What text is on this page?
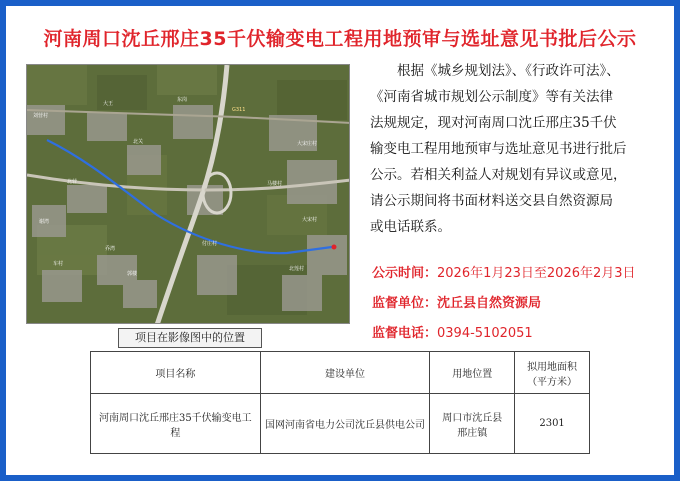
河南周口沈丘邢庄35千伏输变电工程用地预审与选址意见书批后公示
刘营村
大王
东岗
北关
G311
大宋庄村
马楼村
北营
大宋村
谢湾
车村
乔湾
付庄村
北莲村
郭楼
项目在影像图中的位置

根据《城乡规划法》、《行政许可法》、

《河南省城市规划公示制度》等有关法律

法规规定，现对河南周口沈丘邢庄35千伏

输变电工程用地预审与选址意见书进行批后

公示。若相关利益人对规划有异议或意见，

请公示期间将书面材料送交县自然资源局

或电话联系。

公示时间：2026年1月23日至2026年2月3日
监督单位：沈丘县自然资源局
监督电话：0394-5102051
项目名称	建设单位	用地位置	拟用地面积
（平方米）
河南周口沈丘邢庄35千伏输变电工程	国网河南省电力公司沈丘县供电公司	周口市沈丘县
邢庄镇	2301
